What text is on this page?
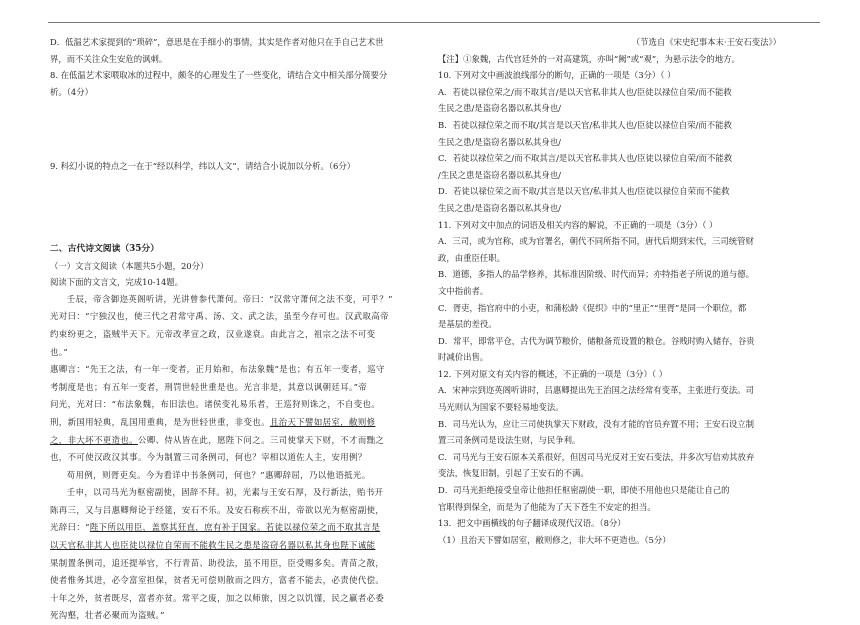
D．低温艺术家提到的“琐碎”，意思是在手细小的事情，其实是作者对他只在手自己艺术世界，而不关注众生安危的讽刺。

8. 在低温艺术家喂取冰的过程中，颇冬的心理发生了一些变化，请结合文中相关部分简要分析。（4分）

9. 科幻小说的特点之一在于“经以科学，纬以人文”，请结合小说加以分析。（6分）

二、古代诗文阅读（35分）

（一）文言文阅读（本题共5小题，20分）

阅读下面的文言文，完成10-14题。

壬辰，帝含御迩英阁听讲，光讲曾参代萧何。帝曰：“汉常守萧何之法不变，可乎？”

光对曰：“宁独汉也，使三代之君常守禹、汤、文、武之法，虽至今存可也。汉武取高帝

约束纷更之，盗贼半天下。元帝改孝宣之政，汉业遂衰。由此言之，祖宗之法不可变也。”

惠卿言：“先王之法，有一年一变者，正月始和，布法象魏”是也；有五年一变者，巡守

考制度是也；有五年一变者，刑罚世轻世重是也。光言非是，其意以讽朝廷耳。”帝

问光，光对曰：“布法象魏，布旧法也。诸侯变礼易乐者，王巡狩则诛之，不自变也。

刑，新国用轻典，乱国用重典，是为世轻世重，非变也。且治天下譬如居室，敝则修

之，非大坏不更造也。公卿、侍从皆在此，愿陛下问之。三司使掌天下财，不才而黜之

也，不可使汉政汉其事。今为制置三司条例司，何也？宰相以道佐人主，安用例？

苟用例，则胥吏矣。今为看详中书条例司，何也？”惠卿辞屈，乃以他语抵光。

壬申，以司马光为枢密副使，固辞不拜。初，光素与王安石厚，及行新法，贻书开

陈再三，又与吕惠卿辩论于经筵，安石不乐。及安石称疾不出，帝欲以光为枢密副使，

光辞曰：“陛下所以用臣，盖察其狂直，庶有补于国家。若徒以禄位荣之而不取其言是

以天官私非其人也臣徒以禄位自荣而不能救生民之患是盗窃名器以私其身也陛下诚能

果制置条例司，追还提举官，不行青苗、助役法，虽不用臣，臣受赐多矣。青苗之散，

使者惟务其进，必令富室担保，贫者无可偿则散而之四方，富者不能去，必责使代偿。

十年之外，贫者既尽，富者亦贫。常平之废，加之以师旅，因之以饥馑，民之羸者必委

死沟壑，壮者必聚而为盗贼。”

（节选自《宋史纪事本末·王安石变法》）

【注】①象魏，古代宫廷外的一对高建筑，亦叫“阙”或“观”，为悬示法令的地方。

10. 下列对文中画波浪线部分的断句，正确的一项是（3分）（ ）

A．若徒以禄位荣之/而不取其言/是以天官私非其人也/臣徒以禄位自荣/而不能救

生民之患/是盗窃名器以私其身也/

B．若徒以禄位荣之而不取/其言是以天官/私非其人也/臣徒以禄位自荣/而不能救

生民之患/是盗窃名器以私其身也/

C．若徒以禄位荣之/而不取其言/是以天官私非其人也/臣徒以禄位自荣/而不能救

/生民之患是盗窃名器以私其身也/

D．若徒以禄位荣之而不取/其言是以天官/私非其人也/臣徒以禄位自荣而不能救

生民之患/是盗窃名器以私其身也/

11. 下列对文中加点的词语及相关内容的解说，不正确的一项是（3分）（ ）

A．三司，或为官称，或为官署名，朝代不同所指不同，唐代后期到宋代，三司统管财

政，由重臣任职。

B．道德，多指人的品学修养，其标准因阶级、时代而异；亦特指老子所说的道与德。

文中指前者。

C．胥吏，指官府中的小吏，和蒲松龄《促织》中的“里正”“里胥”是同一个职位，都

是基层的差役。

D．常平，即常平仓，古代为调节粮价，储粮备荒设置的粮仓。谷贱时购入储存，谷贵

时减价出售。

12. 下列对原文有关内容的概述，不正确的一项是（3分）（ ）

A．宋神宗到迩英阁听讲时，吕惠卿提出先王治国之法经常有变革，主张进行变法。司

马光则认为国家不要轻易地变法。

B．司马光认为，应让三司使执掌天下财政，没有才能的官员弃置不用；王安石设立制

置三司条例司是设法生财，与民争利。

C．司马光与王安石原本关系很好，但因司马光反对王安石变法，并多次写信劝其放弃

变法，恢复旧制，引起了王安石的不满。

D．司马光拒绝接受皇帝让他担任枢密副使一职，即使不用他也只是能让自己的

官职得到保全，而是为了他能为了天下苍生不安定的担当。

13．把文中画横线的句子翻译成现代汉语。（8分）

（1）且治天下譬如居室，敝则修之，非大坏不更造也。（5分）
